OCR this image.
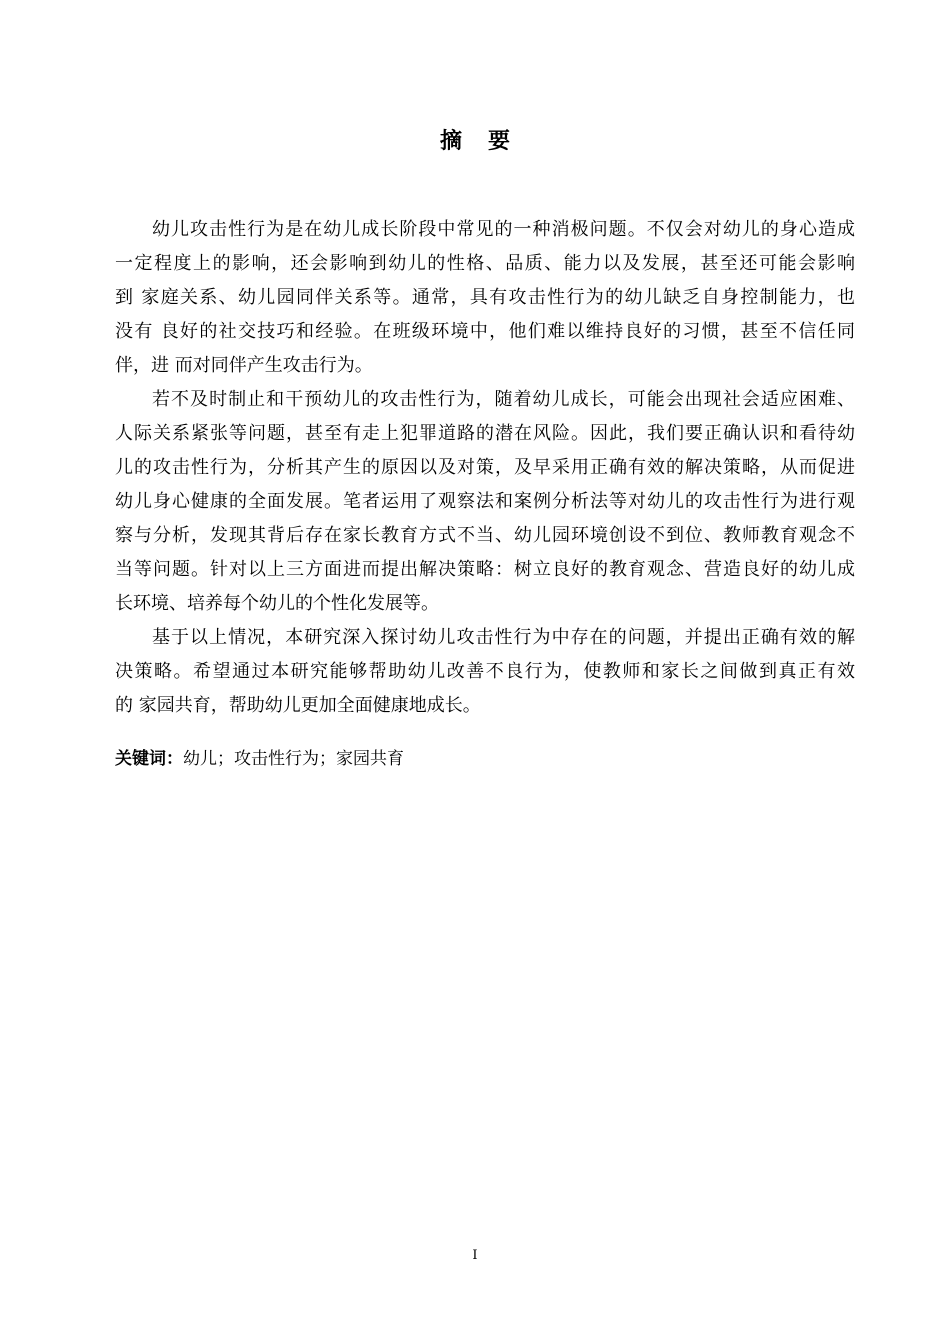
摘要
幼儿攻击性行为是在幼儿成长阶段中常见的一种消极问题。不仅会对幼儿的身心造成
一定程度上的影响，还会影响到幼儿的性格、品质、能力以及发展，甚至还可能会影响
到 家庭关系、幼儿园同伴关系等。通常，具有攻击性行为的幼儿缺乏自身控制能力，也
没有 良好的社交技巧和经验。在班级环境中，他们难以维持良好的习惯，甚至不信任同
伴，进 而对同伴产生攻击行为。
若不及时制止和干预幼儿的攻击性行为，随着幼儿成长，可能会出现社会适应困难、
人际关系紧张等问题，甚至有走上犯罪道路的潜在风险。因此，我们要正确认识和看待幼
儿的攻击性行为，分析其产生的原因以及对策，及早采用正确有效的解决策略，从而促进
幼儿身心健康的全面发展。笔者运用了观察法和案例分析法等对幼儿的攻击性行为进行观
察与分析，发现其背后存在家长教育方式不当、幼儿园环境创设不到位、教师教育观念不
当等问题。针对以上三方面进而提出解决策略：树立良好的教育观念、营造良好的幼儿成
长环境、培养每个幼儿的个性化发展等。
基于以上情况，本研究深入探讨幼儿攻击性行为中存在的问题，并提出正确有效的解
决策略。希望通过本研究能够帮助幼儿改善不良行为，使教师和家长之间做到真正有效
的 家园共育，帮助幼儿更加全面健康地成长。
关键词：幼儿；攻击性行为；家园共育
I
